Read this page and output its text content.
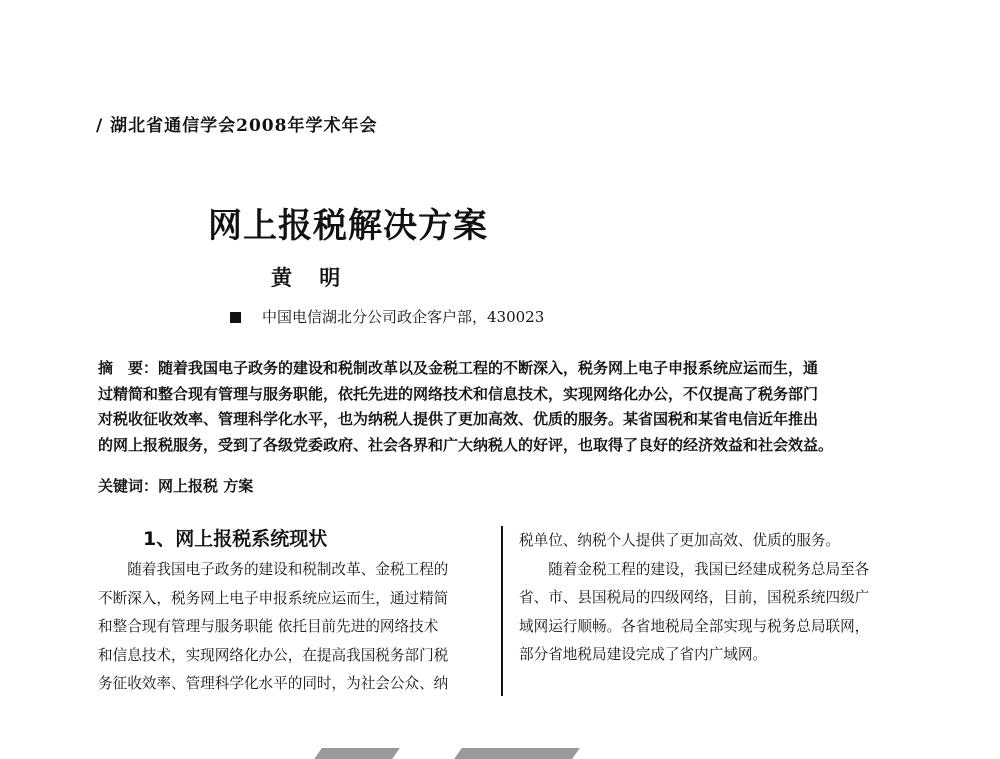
/ 湖北省通信学会2008年学术年会
网上报税解决方案
黄 明
中国电信湖北分公司政企客户部，430023

摘　要：随着我国电子政务的建设和税制改革以及金税工程的不断深入，税务网上电子申报系统应运而生，通

过精简和整合现有管理与服务职能，依托先进的网络技术和信息技术，实现网络化办公，不仅提高了税务部门

对税收征收效率、管理科学化水平，也为纳税人提供了更加高效、优质的服务。某省国税和某省电信近年推出

的网上报税服务，受到了各级党委政府、社会各界和广大纳税人的好评，也取得了良好的经济效益和社会效益。

关键词：网上报税 方案
1、网上报税系统现状

　　随着我国电子政务的建设和税制改革、金税工程的

不断深入，税务网上电子申报系统应运而生，通过精简

和整合现有管理与服务职能 依托目前先进的网络技术

和信息技术，实现网络化办公，在提高我国税务部门税

务征收效率、管理科学化水平的同时，为社会公众、纳

税单位、纳税个人提供了更加高效、优质的服务。

　　随着金税工程的建设，我国已经建成税务总局至各

省、市、县国税局的四级网络，目前，国税系统四级广

域网运行顺畅。各省地税局全部实现与税务总局联网，

部分省地税局建设完成了省内广域网。
